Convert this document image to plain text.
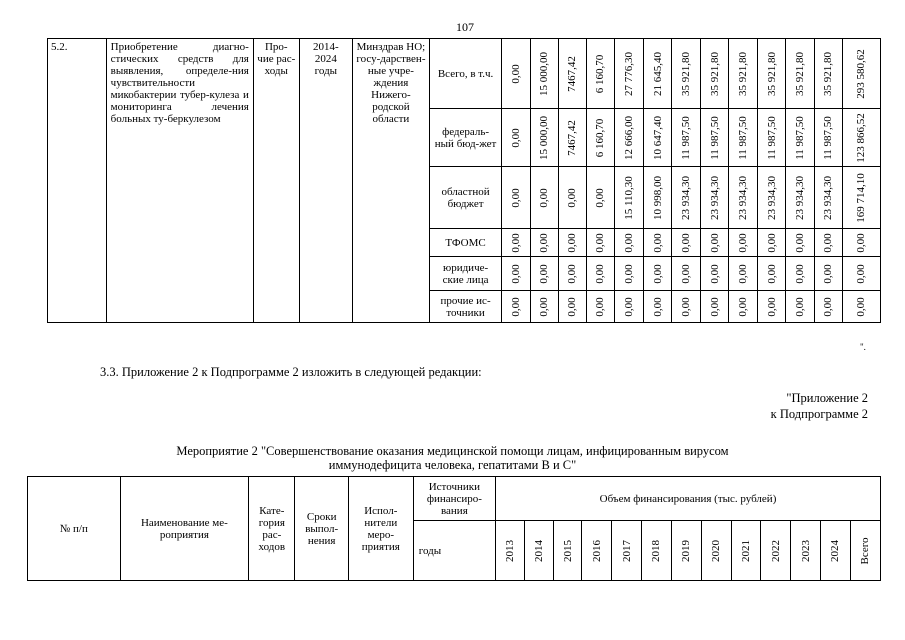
107
5.2.	Приобретение диагно-стических средств для выявления, определе-ния чувствительности микобактерии тубер-кулеза и мониторинга лечения больных ту-беркулезом	Про-чие рас-ходы	2014-2024 годы	Минздрав НО; госу-дарствен-ные учре-ждения Нижего-родской области	Всего, в т.ч.	0,00	15 000,00	7467,42	6 160,70	27 776,30	21 645,40	35 921,80	35 921,80	35 921,80	35 921,80	35 921,80	35 921,80	293 580,62

					федераль-ный бюд-жет	0,00	15 000,00	7467,42	6 160,70	12 666,00	10 647,40	11 987,50	11 987,50	11 987,50	11 987,50	11 987,50	11 987,50	123 866,52

					областной бюджет	0,00	0,00	0,00	0,00	15 110,30	10 998,00	23 934,30	23 934,30	23 934,30	23 934,30	23 934,30	23 934,30	169 714,10

					ТФОМС	0,00	0,00	0,00	0,00	0,00	0,00	0,00	0,00	0,00	0,00	0,00	0,00	0,00

					юридиче-ские лица	0,00	0,00	0,00	0,00	0,00	0,00	0,00	0,00	0,00	0,00	0,00	0,00	0,00

					прочие ис-точники	0,00	0,00	0,00	0,00	0,00	0,00	0,00	0,00	0,00	0,00	0,00	0,00	0,00
".
3.3. Приложение 2 к Подпрограмме 2 изложить в следующей редакции:
"Приложение 2
к Подпрограмме 2
Мероприятие 2 "Совершенствование оказания медицинской помощи лицам, инфицированным вирусом
иммунодефицита человека, гепатитами В и С"
№ п/п	Наименование ме-роприятия	Кате-гория рас-ходов	Сроки выпол-нения	Испол-нители меро-приятия	Источники финансиро-вания	Объем финансирования (тыс. рублей)												
					годы	2013	2014	2015	2016	2017	2018	2019	2020	2021	2022	2023	2024	Всего
